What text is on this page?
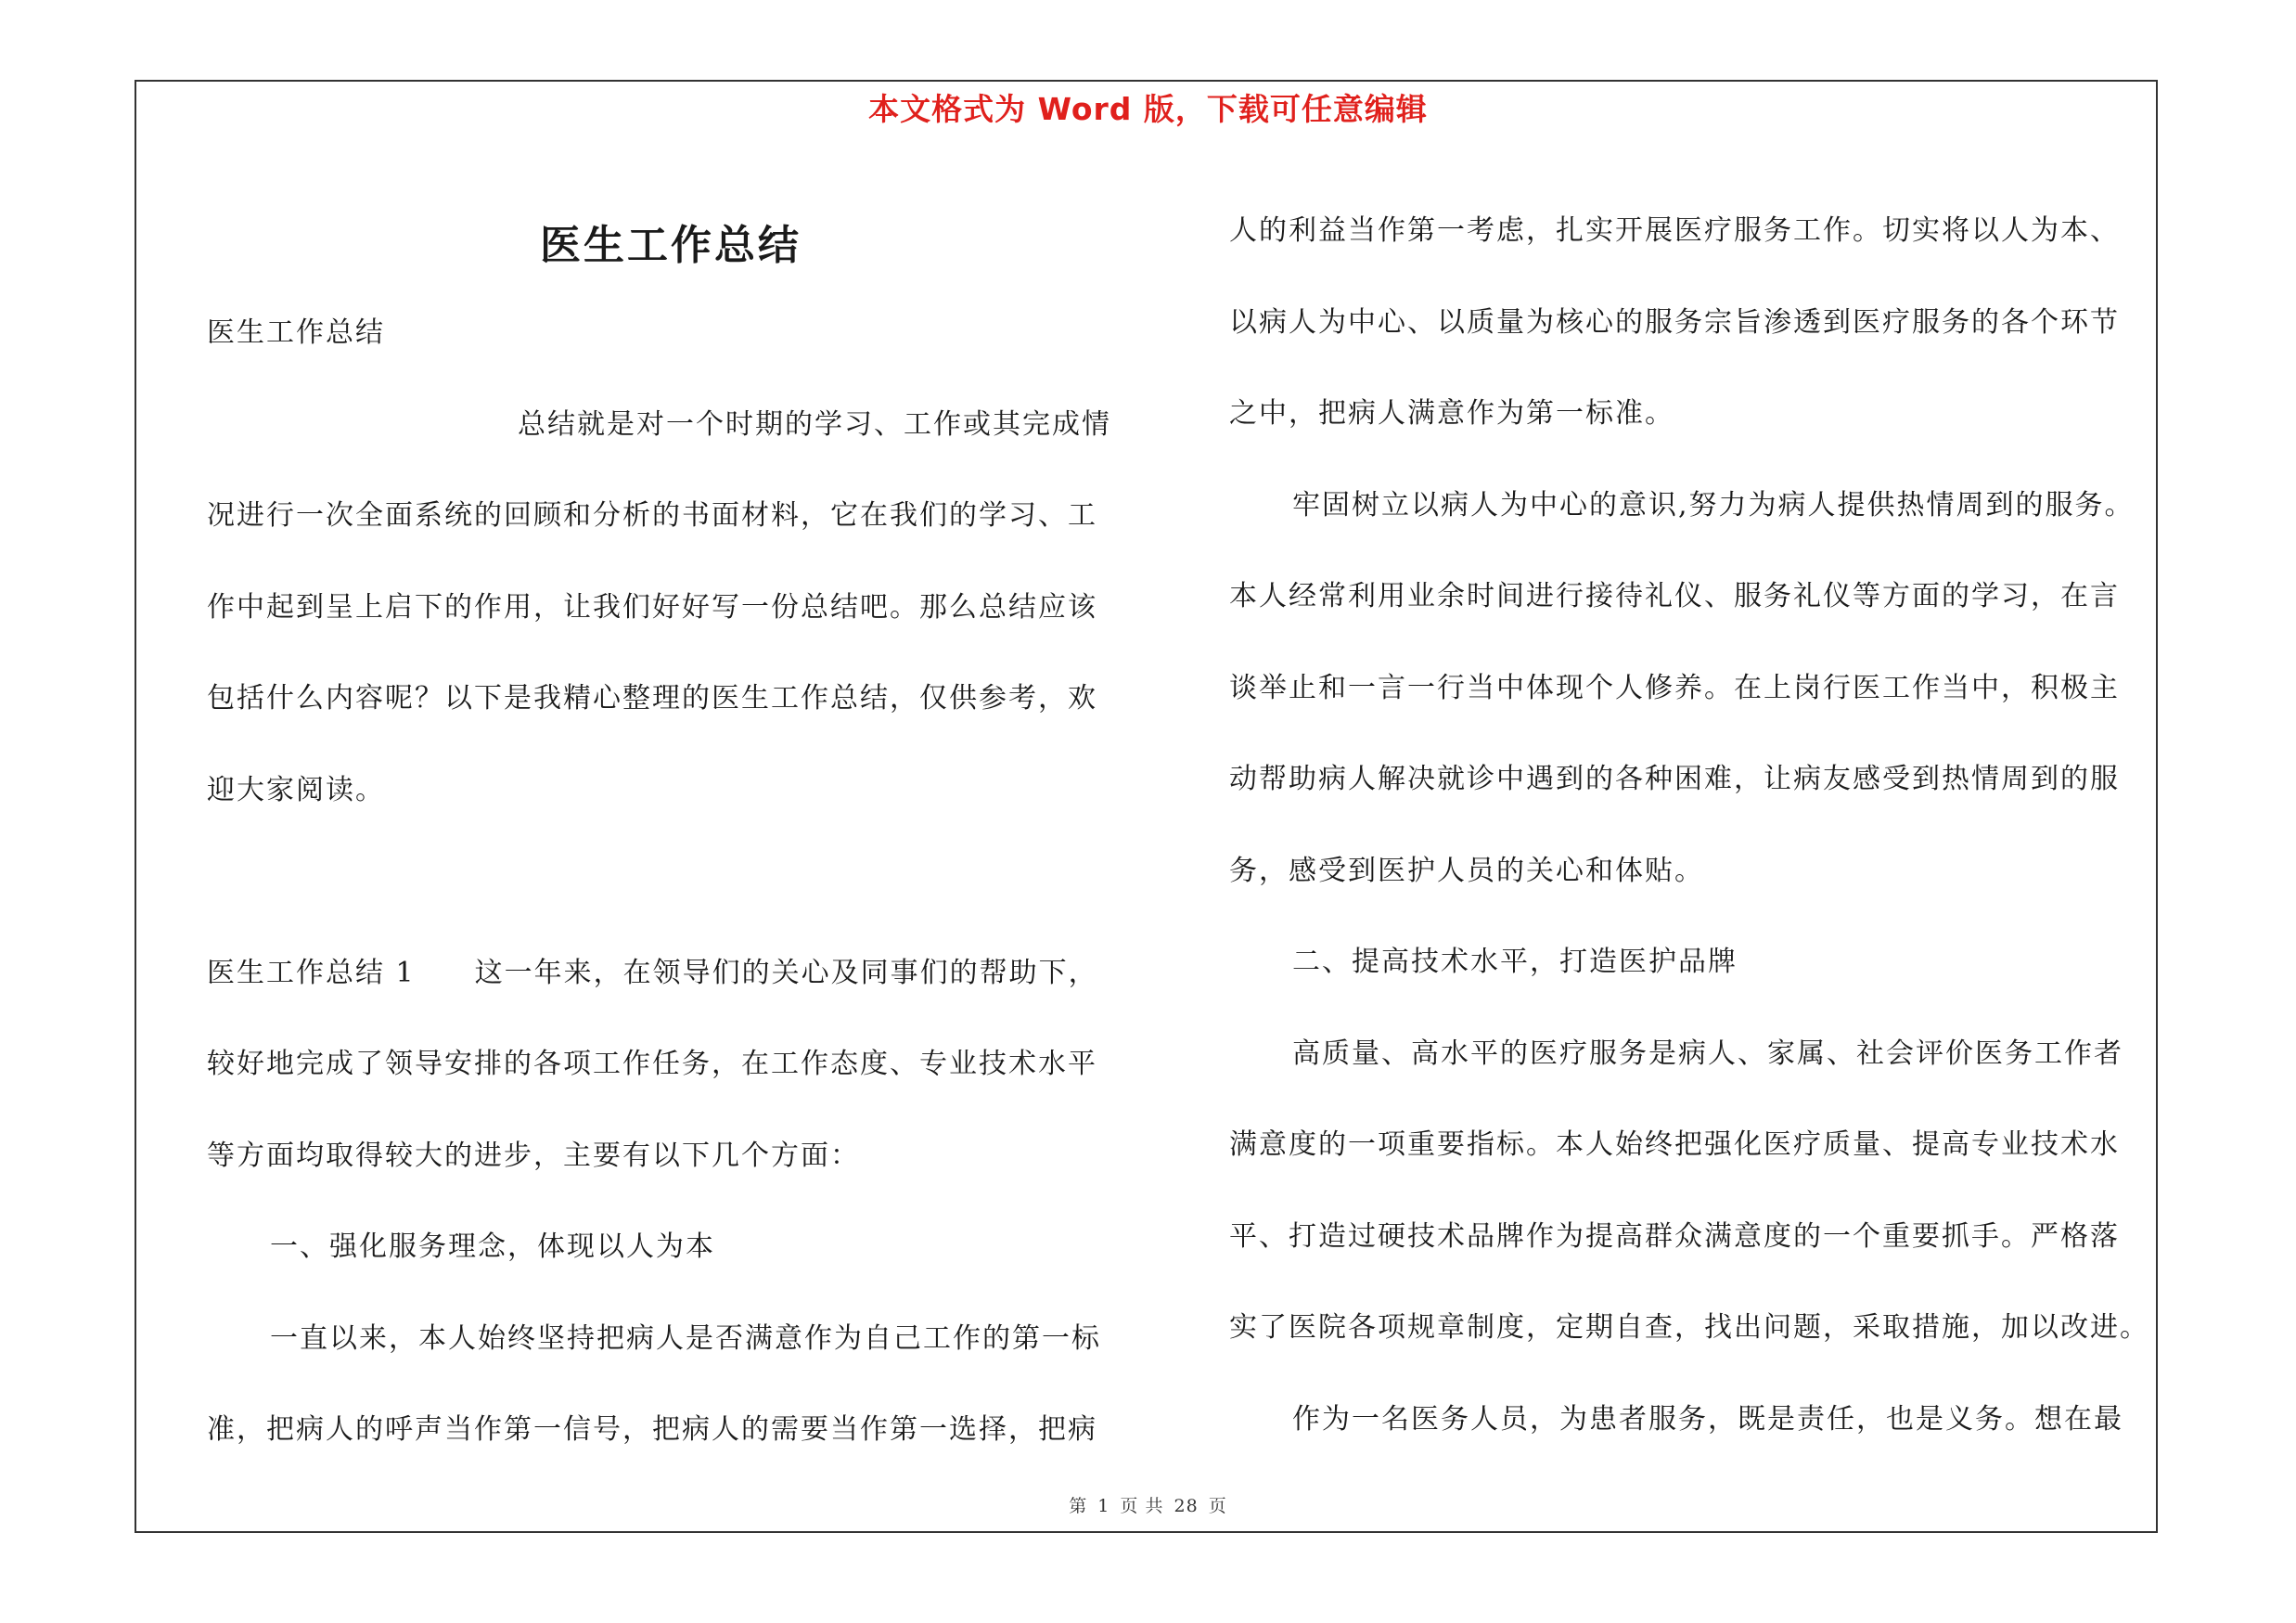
本文格式为 Word 版，下载可任意编辑
医生工作总结
医生工作总结
总结就是对一个时期的学习、工作或其完成情
况进行一次全面系统的回顾和分析的书面材料，它在我们的学习、工
作中起到呈上启下的作用，让我们好好写一份总结吧。那么总结应该
包括什么内容呢？以下是我精心整理的医生工作总结，仅供参考，欢
迎大家阅读。
医生工作总结 1　　这一年来，在领导们的关心及同事们的帮助下，
较好地完成了领导安排的各项工作任务，在工作态度、专业技术水平
等方面均取得较大的进步，主要有以下几个方面：
一、强化服务理念，体现以人为本
一直以来，本人始终坚持把病人是否满意作为自己工作的第一标
准，把病人的呼声当作第一信号，把病人的需要当作第一选择，把病
人的利益当作第一考虑，扎实开展医疗服务工作。切实将以人为本、
以病人为中心、以质量为核心的服务宗旨渗透到医疗服务的各个环节
之中，把病人满意作为第一标准。
牢固树立以病人为中心的意识,努力为病人提供热情周到的服务。
本人经常利用业余时间进行接待礼仪、服务礼仪等方面的学习，在言
谈举止和一言一行当中体现个人修养。在上岗行医工作当中，积极主
动帮助病人解决就诊中遇到的各种困难，让病友感受到热情周到的服
务，感受到医护人员的关心和体贴。
二、提高技术水平，打造医护品牌
高质量、高水平的医疗服务是病人、家属、社会评价医务工作者
满意度的一项重要指标。本人始终把强化医疗质量、提高专业技术水
平、打造过硬技术品牌作为提高群众满意度的一个重要抓手。严格落
实了医院各项规章制度，定期自查，找出问题，采取措施，加以改进。
作为一名医务人员，为患者服务，既是责任，也是义务。想在最
第 1 页 共 28 页
